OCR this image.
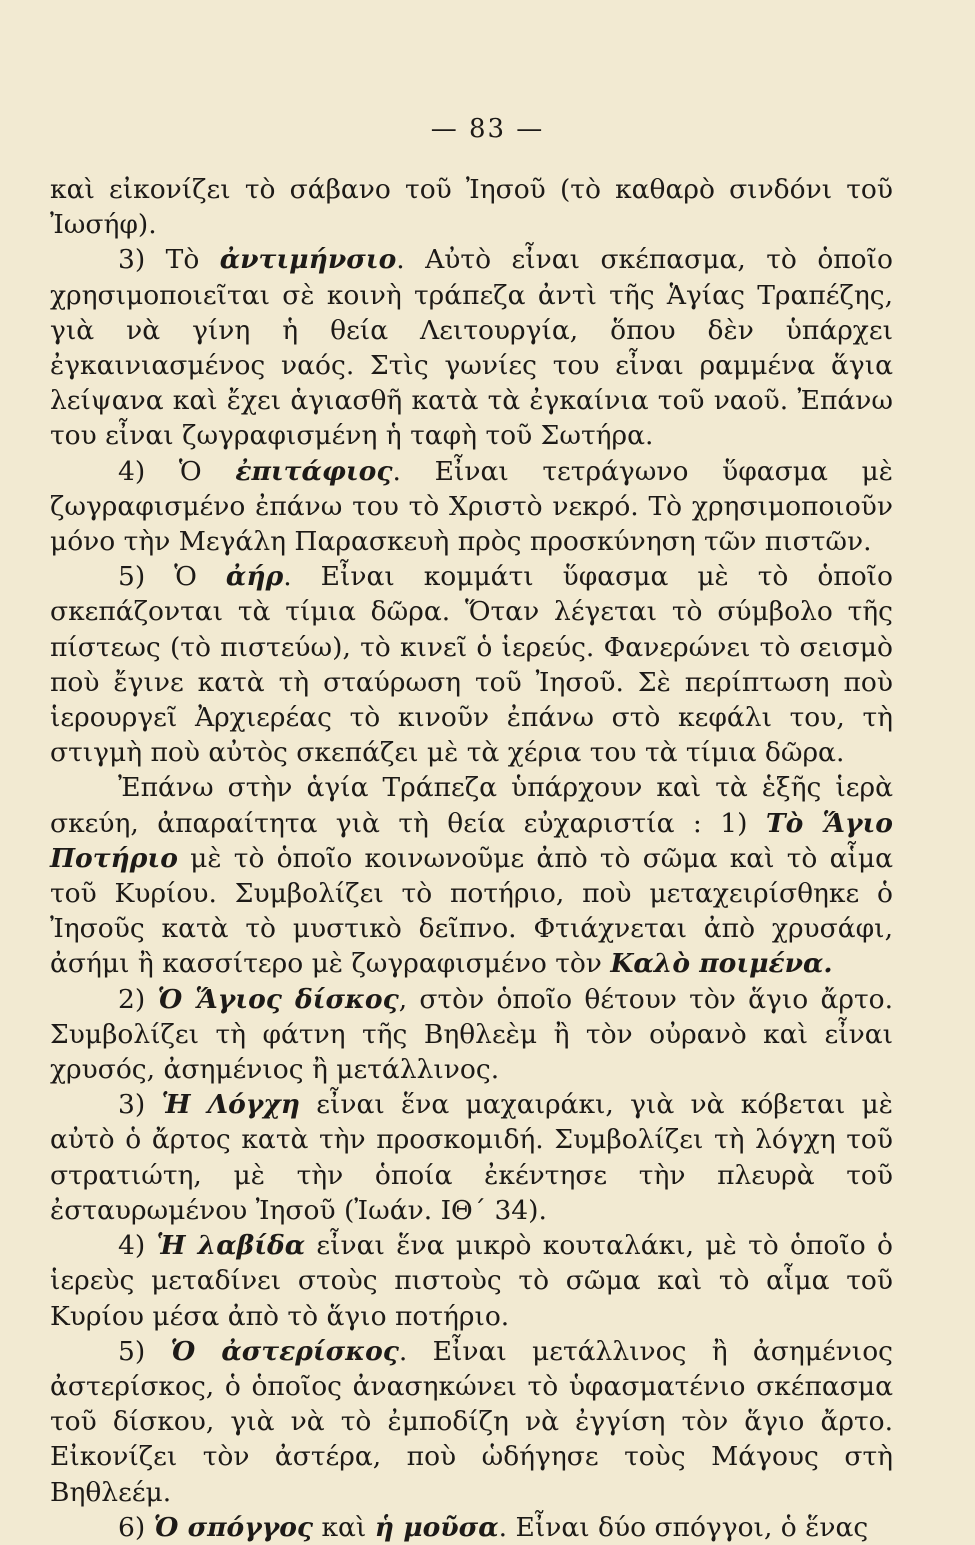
— 83 —

καὶ εἰκονίζει τὸ σάβανο τοῦ Ἰησοῦ (τὸ καθαρὸ σινδόνι τοῦ Ἰωσήφ).

3) Τὸ ἀντιμήνσιο. Αὐτὸ εἶναι σκέπασμα, τὸ ὁποῖο χρησιμοποιεῖται σὲ κοινὴ τράπεζα ἀντὶ τῆς Ἁγίας Τραπέζης, γιὰ νὰ γίνη ἡ θεία Λειτουργία, ὅπου δὲν ὑπάρχει ἐγκαινιασμένος ναός. Στὶς γωνίες του εἶναι ραμμένα ἅγια λείψανα καὶ ἔχει ἁγιασθῆ κατὰ τὰ ἐγκαίνια τοῦ ναοῦ. Ἐπάνω του εἶναι ζωγραφισμένη ἡ ταφὴ τοῦ Σωτήρα.

4) Ὁ ἐπιτάφιος. Εἶναι τετράγωνο ὕφασμα μὲ ζωγραφισμένο ἐπάνω του τὸ Χριστὸ νεκρό. Τὸ χρησιμοποιοῦν μόνο τὴν Μεγάλη Παρασκευὴ πρὸς προσκύνηση τῶν πιστῶν.

5) Ὁ ἀήρ. Εἶναι κομμάτι ὕφασμα μὲ τὸ ὁποῖο σκεπάζονται τὰ τίμια δῶρα. Ὅταν λέγεται τὸ σύμβολο τῆς πίστεως (τὸ πιστεύω), τὸ κινεῖ ὁ ἱερεύς. Φανερώνει τὸ σεισμὸ ποὺ ἔγινε κατὰ τὴ σταύρωση τοῦ Ἰησοῦ. Σὲ περίπτωση ποὺ ἱερουργεῖ Ἀρχιερέας τὸ κινοῦν ἐπάνω στὸ κεφάλι του, τὴ στιγμὴ ποὺ αὐτὸς σκεπάζει μὲ τὰ χέρια του τὰ τίμια δῶρα.

Ἐπάνω στὴν ἁγία Τράπεζα ὑπάρχουν καὶ τὰ ἑξῆς ἱερὰ σκεύη, ἀπαραίτητα γιὰ τὴ θεία εὐχαριστία : 1) Τὸ Ἅγιο Ποτήριο μὲ τὸ ὁποῖο κοινωνοῦμε ἀπὸ τὸ σῶμα καὶ τὸ αἷμα τοῦ Κυρίου. Συμβολίζει τὸ ποτήριο, ποὺ μεταχειρίσθηκε ὁ Ἰησοῦς κατὰ τὸ μυστικὸ δεῖπνο. Φτιάχνεται ἀπὸ χρυσάφι, ἀσήμι ἢ κασσίτερο μὲ ζωγραφισμένο τὸν Καλὸ ποιμένα.

2) Ὁ Ἅγιος δίσκος, στὸν ὁποῖο θέτουν τὸν ἅγιο ἄρτο. Συμβολίζει τὴ φάτνη τῆς Βηθλεὲμ ἢ τὸν οὐρανὸ καὶ εἶναι χρυσός, ἀσημένιος ἢ μετάλλινος.

3) Ἡ Λόγχη εἶναι ἕνα μαχαιράκι, γιὰ νὰ κόβεται μὲ αὐτὸ ὁ ἄρτος κατὰ τὴν προσκομιδή. Συμβολίζει τὴ λόγχη τοῦ στρατιώτη, μὲ τὴν ὁποία ἐκέντησε τὴν πλευρὰ τοῦ ἐσταυρωμένου Ἰησοῦ (Ἰωάν. ΙΘ΄ 34).

4) Ἡ λαβίδα εἶναι ἕνα μικρὸ κουταλάκι, μὲ τὸ ὁποῖο ὁ ἱερεὺς μεταδίνει στοὺς πιστοὺς τὸ σῶμα καὶ τὸ αἷμα τοῦ Κυρίου μέσα ἀπὸ τὸ ἅγιο ποτήριο.

5) Ὁ ἀστερίσκος. Εἶναι μετάλλινος ἢ ἀσημένιος ἀστερίσκος, ὁ ὁποῖος ἀνασηκώνει τὸ ὑφασματένιο σκέπασμα τοῦ δίσκου, γιὰ νὰ τὸ ἐμποδίζη νὰ ἐγγίση τὸν ἅγιο ἄρτο. Εἰκονίζει τὸν ἀστέρα, ποὺ ὡδήγησε τοὺς Μάγους στὴ Βηθλεέμ.

6) Ὁ σπόγγος καὶ ἡ μοῦσα. Εἶναι δύο σπόγγοι, ὁ ἕνας
